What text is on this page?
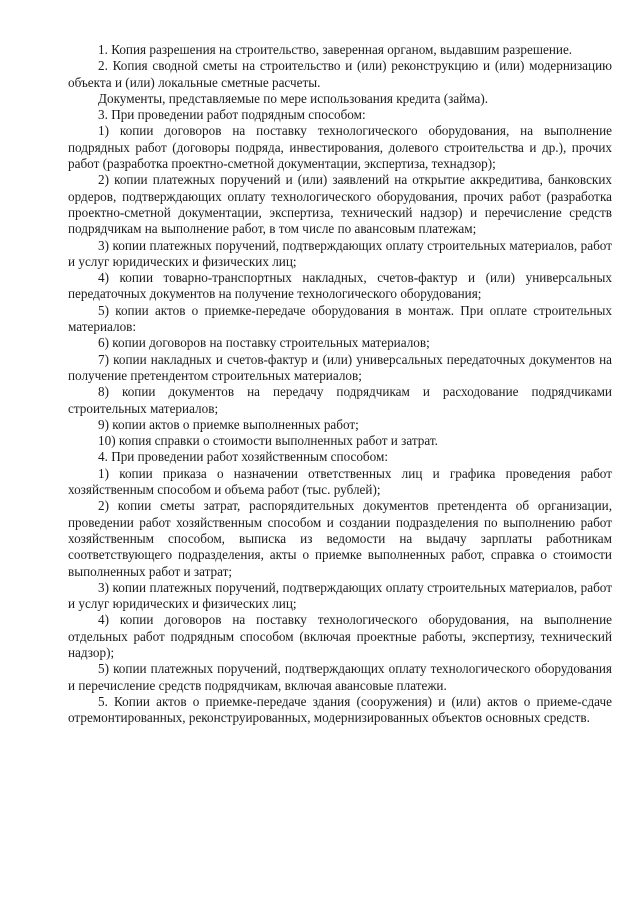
1. Копия разрешения на строительство, заверенная органом, выдавшим разрешение.

2. Копия сводной сметы на строительство и (или) реконструкцию и (или) модернизацию объекта и (или) локальные сметные расчеты.

Документы, представляемые по мере использования кредита (займа).

3. При проведении работ подрядным способом:

1) копии договоров на поставку технологического оборудования, на выполнение подрядных работ (договоры подряда, инвестирования, долевого строительства и др.), прочих работ (разработка проектно-сметной документации, экспертиза, технадзор);

2) копии платежных поручений и (или) заявлений на открытие аккредитива, банковских ордеров, подтверждающих оплату технологического оборудования, прочих работ (разработка проектно-сметной документации, экспертиза, технический надзор) и перечисление средств подрядчикам на выполнение работ, в том числе по авансовым платежам;

3) копии платежных поручений, подтверждающих оплату строительных материалов, работ и услуг юридических и физических лиц;

4) копии товарно-транспортных накладных, счетов-фактур и (или) универсальных передаточных документов на получение технологического оборудования;

5) копии актов о приемке-передаче оборудования в монтаж. При оплате строительных материалов:

6) копии договоров на поставку строительных материалов;

7) копии накладных и счетов-фактур и (или) универсальных передаточных документов на получение претендентом строительных материалов;

8) копии документов на передачу подрядчикам и расходование подрядчиками строительных материалов;

9) копии актов о приемке выполненных работ;

10) копия справки о стоимости выполненных работ и затрат.

4. При проведении работ хозяйственным способом:

1) копии приказа о назначении ответственных лиц и графика проведения работ хозяйственным способом и объема работ (тыс. рублей);

2) копии сметы затрат, распорядительных документов претендента об организации, проведении работ хозяйственным способом и создании подразделения по выполнению работ хозяйственным способом, выписка из ведомости на выдачу зарплаты работникам соответствующего подразделения, акты о приемке выполненных работ, справка о стоимости выполненных работ и затрат;

3) копии платежных поручений, подтверждающих оплату строительных материалов, работ и услуг юридических и физических лиц;

4) копии договоров на поставку технологического оборудования, на выполнение отдельных работ подрядным способом (включая проектные работы, экспертизу, технический надзор);

5) копии платежных поручений, подтверждающих оплату технологического оборудования и перечисление средств подрядчикам, включая авансовые платежи.

5. Копии актов о приемке-передаче здания (сооружения) и (или) актов о приеме-сдаче отремонтированных, реконструированных, модернизированных объектов основных средств.
